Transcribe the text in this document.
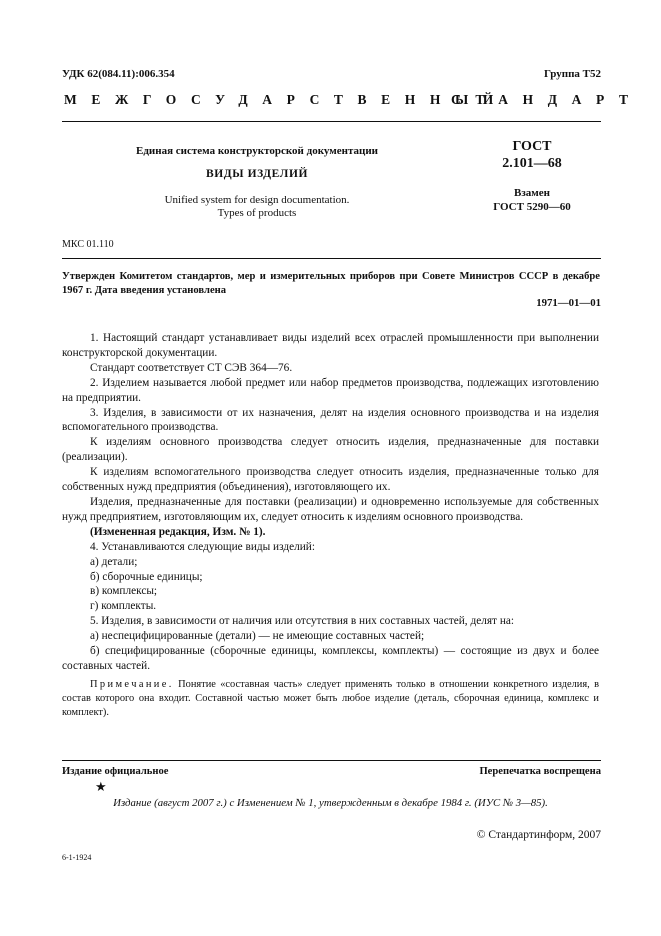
УДК 62(084.11):006.354	Группа Т52
МЕЖГОСУДАРСТВЕННЫЙ
СТАНДАРТ
Единая система конструкторской документации
ВИДЫ ИЗДЕЛИЙ
Unified system for design documentation.
Types of products
ГОСТ
2.101—68
Взамен
ГОСТ 5290—60
МКС 01.110
Утвержден Комитетом стандартов, мер и измерительных приборов при Совете Министров СССР в декабре 1967 г. Дата введения установлена
1971—01—01

1. Настоящий стандарт устанавливает виды изделий всех отраслей промышленности при выполнении конструкторской документации.

Стандарт соответствует СТ СЭВ 364—76.

2. Изделием называется любой предмет или набор предметов производства, подлежащих изготовлению на предприятии.

3. Изделия, в зависимости от их назначения, делят на изделия основного производства и на изделия вспомогательного производства.

К изделиям основного производства следует относить изделия, предназначенные для поставки (реализации).

К изделиям вспомогательного производства следует относить изделия, предназначенные только для собственных нужд предприятия (объединения), изготовляющего их.

Изделия, предназначенные для поставки (реализации) и одновременно используемые для собственных нужд предприятием, изготовляющим их, следует относить к изделиям основного производства.

(Измененная редакция, Изм. № 1).

4. Устанавливаются следующие виды изделий:

а) детали;

б) сборочные единицы;

в) комплексы;

г) комплекты.

5. Изделия, в зависимости от наличия или отсутствия в них составных частей, делят на:

а) неспецифицированные (детали) — не имеющие составных частей;

б) специфицированные (сборочные единицы, комплексы, комплекты) — состоящие из двух и более составных частей.

Примечание. Понятие «составная часть» следует применять только в отношении конкретного изделия, в состав которого она входит. Составной частью может быть любое изделие (деталь, сборочная единица, комплекс и комплект).

Издание официальное
★
Перепечатка воспрещена
Издание (август 2007 г.) с Изменением № 1, утвержденным в декабре 1984 г. (ИУС № 3—85).
© Стандартинформ, 2007
6-1-1924
